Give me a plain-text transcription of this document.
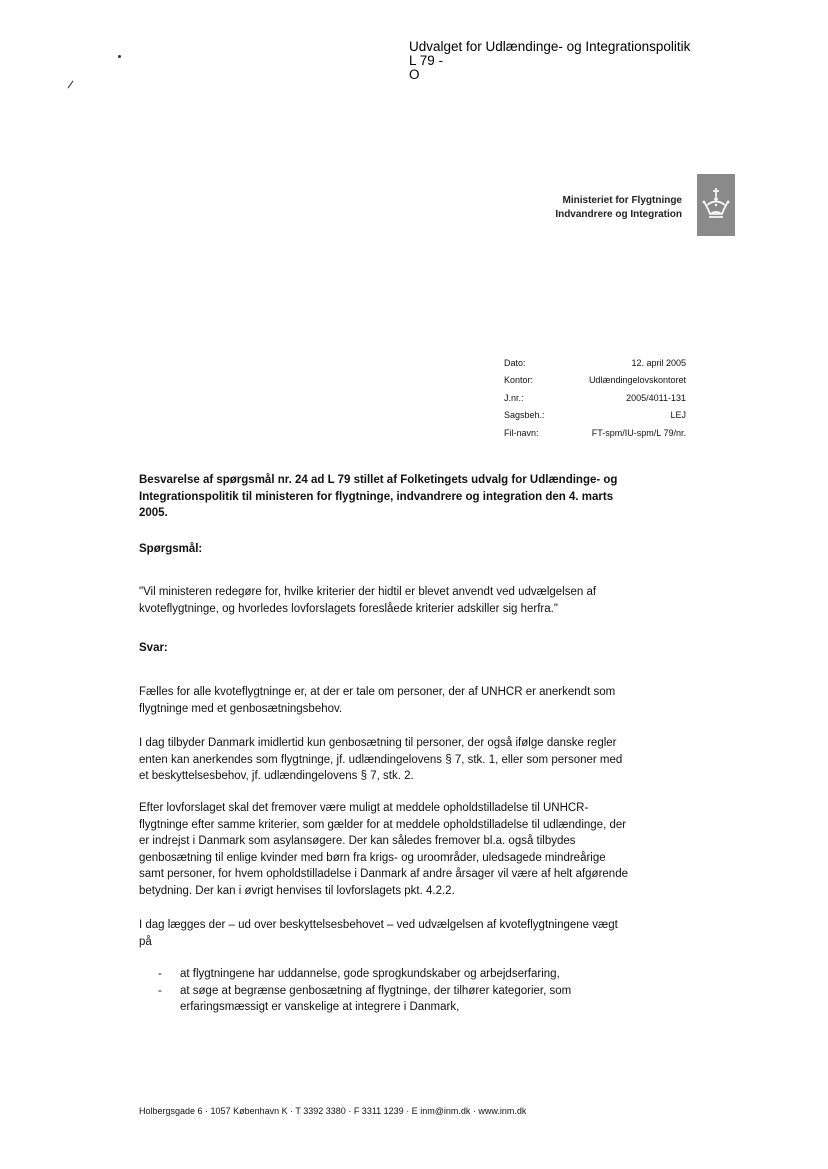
Udvalget for Udlændinge- og Integrationspolitik
L 79 -
O
Ministeriet for Flygtninge
Indvandrere og Integration
Dato:	12. april 2005
Kontor:	Udlændingelovskontoret
J.nr.:	2005/4011-131
Sagsbeh.:	LEJ
Fil-navn:	FT-spm/IU-spm/L 79/nr.
Besvarelse af spørgsmål nr. 24 ad L 79 stillet af Folketingets udvalg for Udlændinge- og Integrationspolitik til ministeren for flygtninge, indvandrere og integration den 4. marts 2005.
Spørgsmål:
"Vil ministeren redegøre for, hvilke kriterier der hidtil er blevet anvendt ved udvælgelsen af kvoteflygtninge, og hvorledes lovforslagets foreslåede kriterier adskiller sig herfra."
Svar:
Fælles for alle kvoteflygtninge er, at der er tale om personer, der af UNHCR er anerkendt som flygtninge med et genbosætningsbehov.
I dag tilbyder Danmark imidlertid kun genbosætning til personer, der også ifølge danske regler enten kan anerkendes som flygtninge, jf. udlændingelovens § 7, stk. 1, eller som personer med et beskyttelsesbehov, jf. udlændingelovens § 7, stk. 2.
Efter lovforslaget skal det fremover være muligt at meddele opholdstilladelse til UNHCR-flygtninge efter samme kriterier, som gælder for at meddele opholdstilladelse til udlændinge, der er indrejst i Danmark som asylansøgere. Der kan således fremover bl.a. også tilbydes genbosætning til enlige kvinder med børn fra krigs- og uroområder, uledsagede mindreårige samt personer, for hvem opholdstilladelse i Danmark af andre årsager vil være af helt afgørende betydning. Der kan i øvrigt henvises til lovforslagets pkt. 4.2.2.
I dag lægges der – ud over beskyttelsesbehovet – ved udvælgelsen af kvoteflygtningene vægt på
-	at flygtningene har uddannelse, gode sprogkundskaber og arbejdserfaring,
-	at søge at begrænse genbosætning af flygtninge, der tilhører kategorier, som erfaringsmæssigt er vanskelige at integrere i Danmark,
Holbergsgade 6 · 1057 København K · T 3392 3380 · F 3311 1239 · E inm@inm.dk · www.inm.dk
